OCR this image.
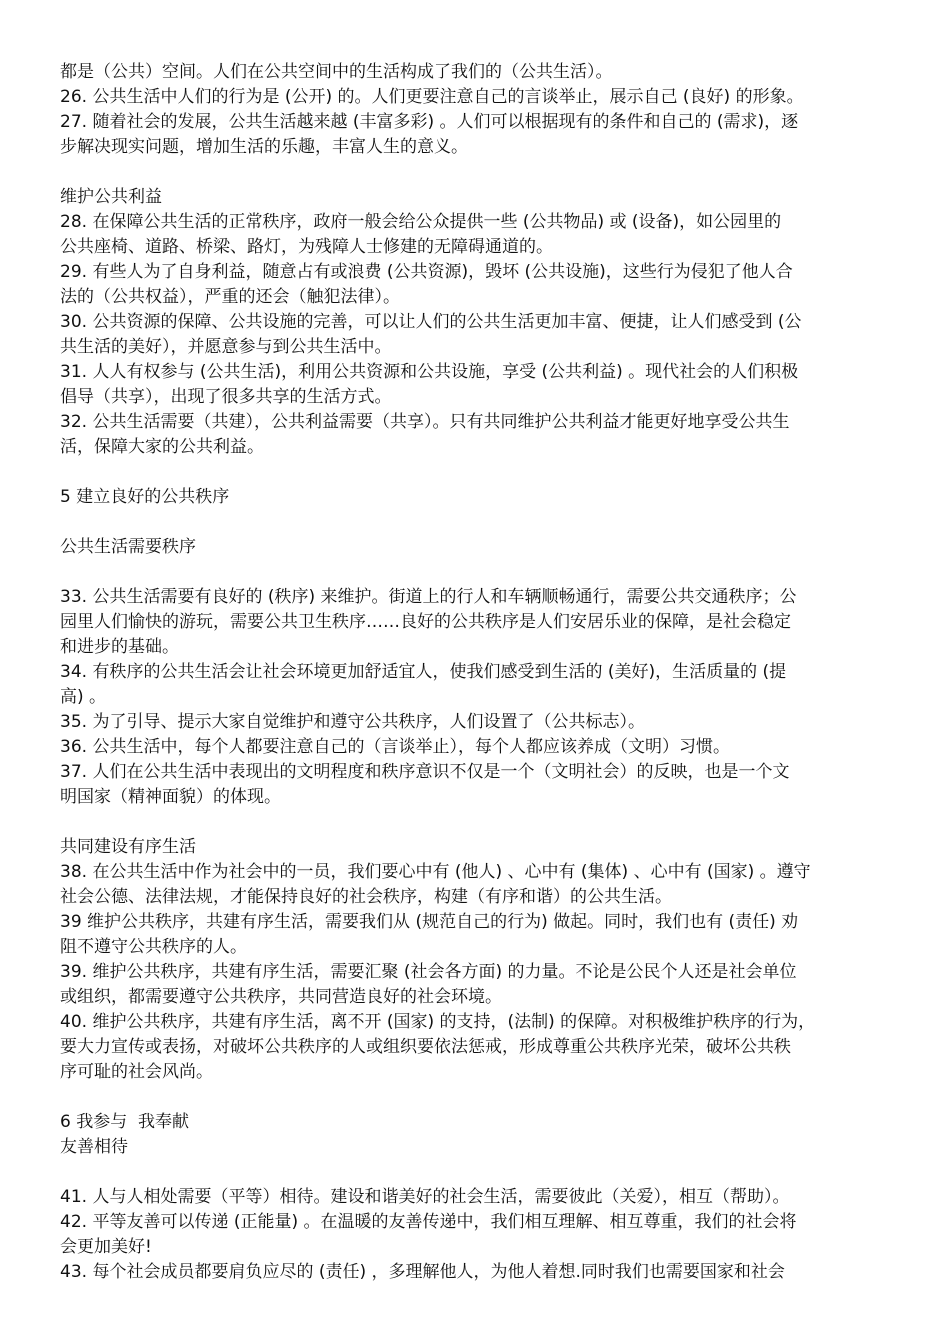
都是（公共）空间。人们在公共空间中的生活构成了我们的（公共生活）。
26. 公共生活中人们的行为是 (公开) 的。人们更要注意自己的言谈举止，展示自己 (良好) 的形象。
27. 随着社会的发展，公共生活越来越 (丰富多彩) 。人们可以根据现有的条件和自己的 (需求)，逐
步解决现实问题，增加生活的乐趣，丰富人生的意义。
维护公共利益
28. 在保障公共生活的正常秩序，政府一般会给公众提供一些 (公共物品) 或 (设备)，如公园里的
公共座椅、道路、桥梁、路灯，为残障人士修建的无障碍通道的。
29. 有些人为了自身利益，随意占有或浪费 (公共资源)，毁坏 (公共设施)，这些行为侵犯了他人合
法的（公共权益），严重的还会（触犯法律）。
30. 公共资源的保障、公共设施的完善，可以让人们的公共生活更加丰富、便捷，让人们感受到 (公
共生活的美好），并愿意参与到公共生活中。
31. 人人有权参与 (公共生活)，利用公共资源和公共设施，享受 (公共利益) 。现代社会的人们积极
倡导（共享），出现了很多共享的生活方式。
32. 公共生活需要（共建），公共利益需要（共享）。只有共同维护公共利益才能更好地享受公共生
活，保障大家的公共利益。
5 建立良好的公共秩序
公共生活需要秩序
33. 公共生活需要有良好的 (秩序) 来维护。街道上的行人和车辆顺畅通行，需要公共交通秩序；公
园里人们愉快的游玩，需要公共卫生秩序……良好的公共秩序是人们安居乐业的保障，是社会稳定
和进步的基础。
34. 有秩序的公共生活会让社会环境更加舒适宜人，使我们感受到生活的 (美好)，生活质量的 (提
高) 。
35. 为了引导、提示大家自觉维护和遵守公共秩序，人们设置了（公共标志）。
36. 公共生活中，每个人都要注意自己的（言谈举止），每个人都应该养成（文明）习惯。
37. 人们在公共生活中表现出的文明程度和秩序意识不仅是一个（文明社会）的反映，也是一个文
明国家（精神面貌）的体现。
共同建设有序生活
38. 在公共生活中作为社会中的一员，我们要心中有 (他人) 、心中有 (集体) 、心中有 (国家) 。遵守
社会公德、法律法规，才能保持良好的社会秩序，构建（有序和谐）的公共生活。
39 维护公共秩序，共建有序生活，需要我们从 (规范自己的行为) 做起。同时，我们也有 (责任) 劝
阻不遵守公共秩序的人。
39. 维护公共秩序，共建有序生活，需要汇聚 (社会各方面) 的力量。不论是公民个人还是社会单位
或组织，都需要遵守公共秩序，共同营造良好的社会环境。
40. 维护公共秩序，共建有序生活，离不开 (国家) 的支持，(法制) 的保障。对积极维护秩序的行为，
要大力宣传或表扬，对破坏公共秩序的人或组织要依法惩戒，形成尊重公共秩序光荣，破坏公共秩
序可耻的社会风尚。
6 我参与  我奉献
友善相待
41. 人与人相处需要（平等）相待。建设和谐美好的社会生活，需要彼此（关爱），相互（帮助）。
42. 平等友善可以传递 (正能量) 。在温暖的友善传递中，我们相互理解、相互尊重，我们的社会将
会更加美好!
43. 每个社会成员都要肩负应尽的 (责任) ，多理解他人，为他人着想.同时我们也需要国家和社会
